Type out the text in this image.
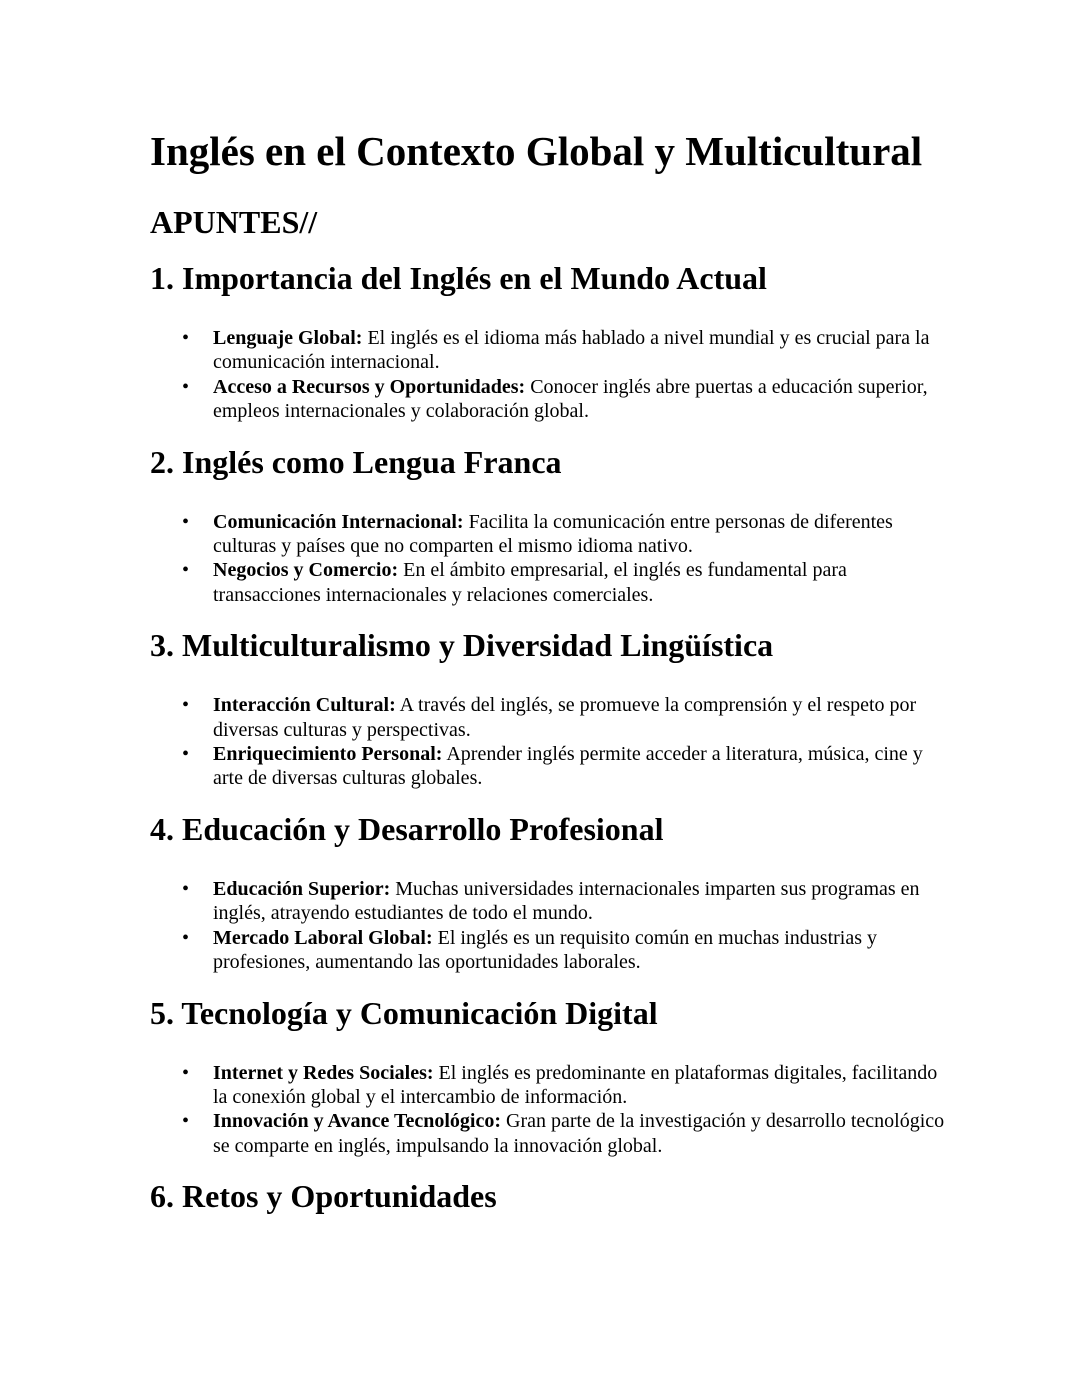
Inglés en el Contexto Global y Multicultural
APUNTES//
1. Importancia del Inglés en el Mundo Actual
• Lenguaje Global: El inglés es el idioma más hablado a nivel mundial y es crucial para la comunicación internacional.
• Acceso a Recursos y Oportunidades: Conocer inglés abre puertas a educación superior, empleos internacionales y colaboración global.
2. Inglés como Lengua Franca
• Comunicación Internacional: Facilita la comunicación entre personas de diferentes culturas y países que no comparten el mismo idioma nativo.
• Negocios y Comercio: En el ámbito empresarial, el inglés es fundamental para transacciones internacionales y relaciones comerciales.
3. Multiculturalismo y Diversidad Lingüística
• Interacción Cultural: A través del inglés, se promueve la comprensión y el respeto por diversas culturas y perspectivas.
• Enriquecimiento Personal: Aprender inglés permite acceder a literatura, música, cine y arte de diversas culturas globales.
4. Educación y Desarrollo Profesional
• Educación Superior: Muchas universidades internacionales imparten sus programas en inglés, atrayendo estudiantes de todo el mundo.
• Mercado Laboral Global: El inglés es un requisito común en muchas industrias y profesiones, aumentando las oportunidades laborales.
5. Tecnología y Comunicación Digital
• Internet y Redes Sociales: El inglés es predominante en plataformas digitales, facilitando la conexión global y el intercambio de información.
• Innovación y Avance Tecnológico: Gran parte de la investigación y desarrollo tecnológico se comparte en inglés, impulsando la innovación global.
6. Retos y Oportunidades
